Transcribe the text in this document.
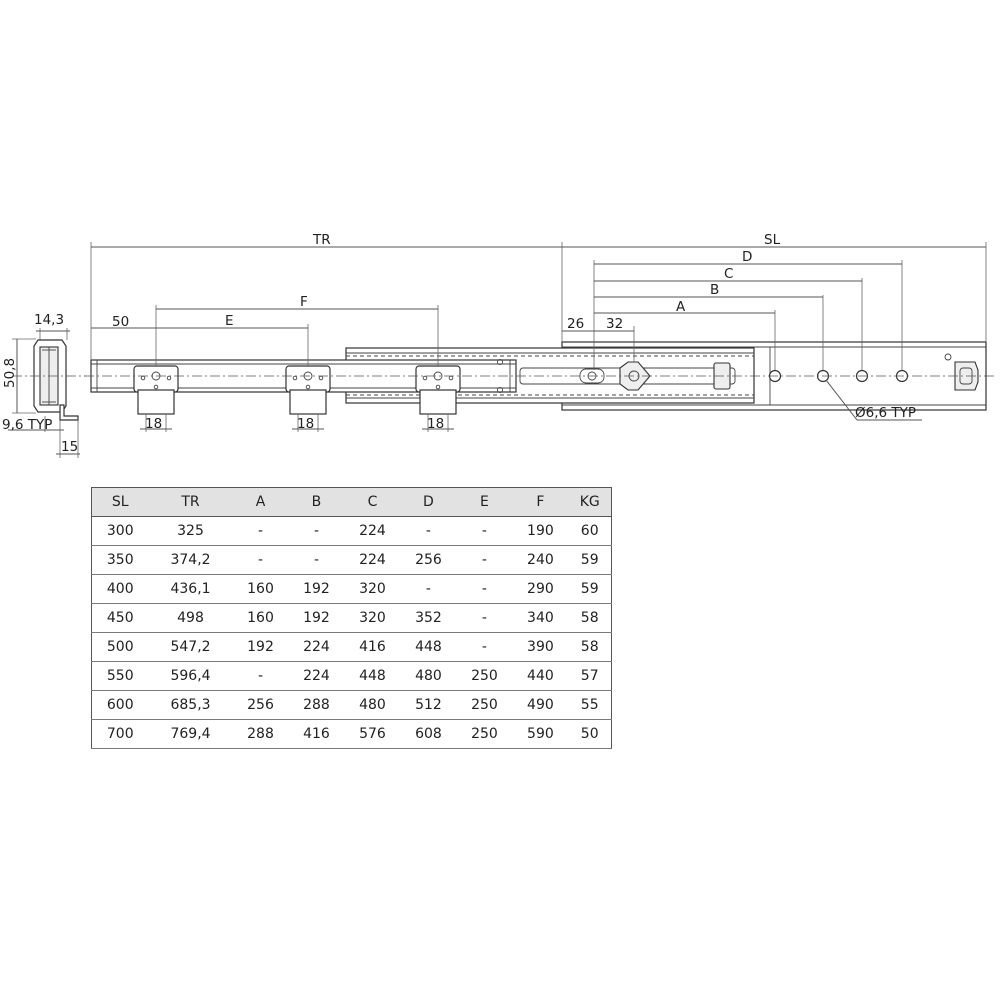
14,3
50,8
9,6 TYP
15
TR	SL
D
C
B
A
26 32
F
50	E
18	18	18
Ø6,6 TYP
SL	TR	A	B	C	D	E	F	KG
300	325	-	-	224	-	-	190	60
350	374,2	-	-	224	256	-	240	59
400	436,1	160	192	320	-	-	290	59
450	498	160	192	320	352	-	340	58
500	547,2	192	224	416	448	-	390	58
550	596,4	-	224	448	480	250	440	57
600	685,3	256	288	480	512	250	490	55
700	769,4	288	416	576	608	250	590	50
